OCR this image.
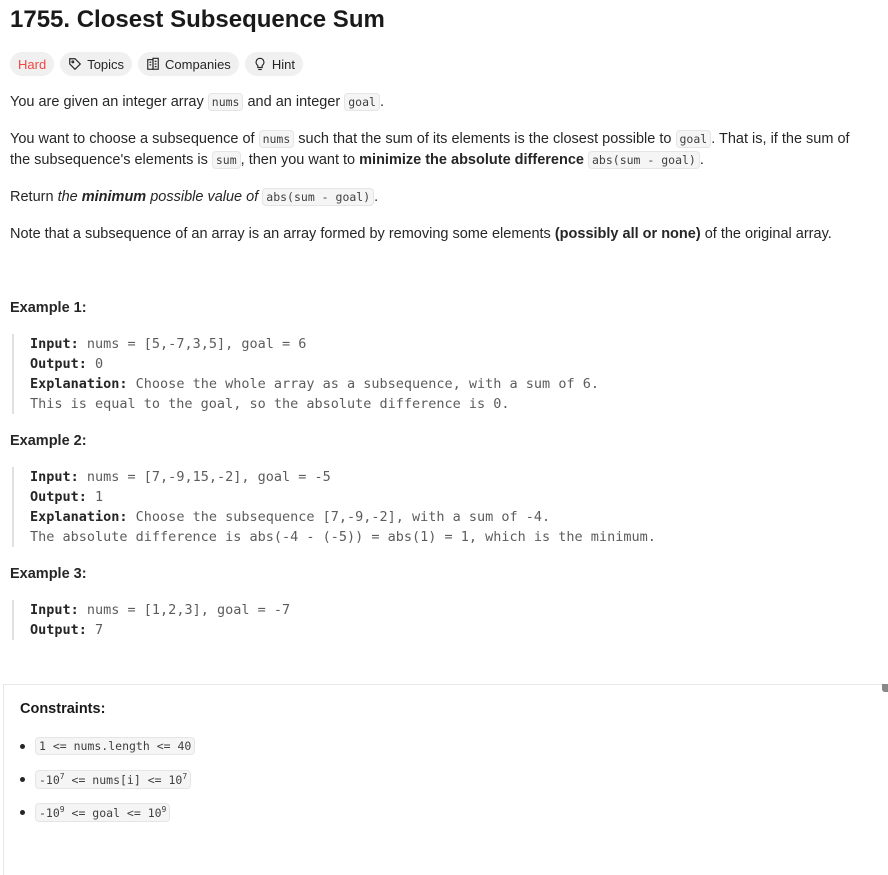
1755. Closest Subsequence Sum
Hard	Topics	Companies	Hint

You are given an integer array nums and an integer goal .

You want to choose a subsequence of nums such that the sum of its elements is the closest possible to goal . That is, if the sum of the subsequence's elements is sum , then you want to minimize the absolute difference abs(sum - goal) .

Return the minimum possible value of abs(sum - goal) .

Note that a subsequence of an array is an array formed by removing some elements (possibly all or none) of the original array.

Example 1:
Input: nums = [5,-7,3,5], goal = 6
Output: 0
Explanation: Choose the whole array as a subsequence, with a sum of 6.
This is equal to the goal, so the absolute difference is 0.
Example 2:
Input: nums = [7,-9,15,-2], goal = -5
Output: 1
Explanation: Choose the subsequence [7,-9,-2], with a sum of -4.
The absolute difference is abs(-4 - (-5)) = abs(1) = 1, which is the minimum.
Example 3:
Input: nums = [1,2,3], goal = -7
Output: 7
Constraints:
1 <= nums.length <= 40
$-10^7$ <= nums[i] <= $10^7$
$-10^9$ <= goal <= $10^9$
